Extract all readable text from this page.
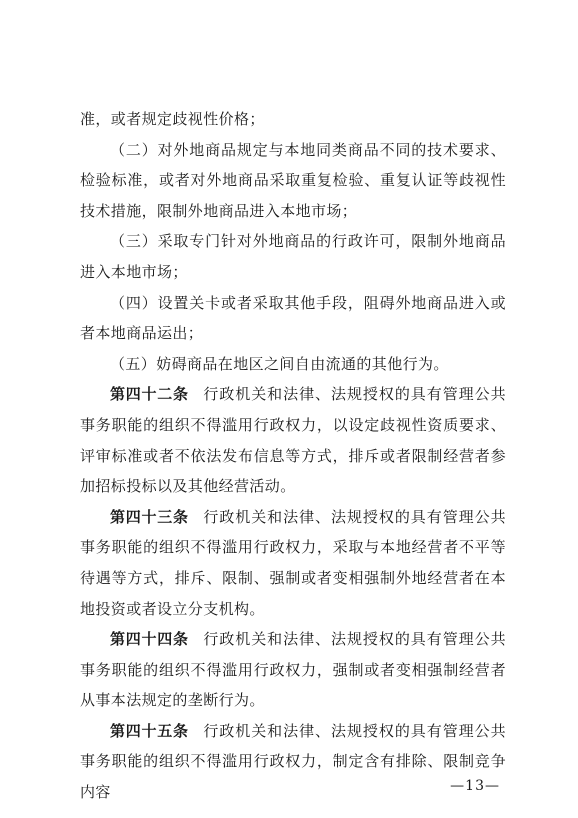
准，或者规定歧视性价格；

（二）对外地商品规定与本地同类商品不同的技术要求、检验标准，或者对外地商品采取重复检验、重复认证等歧视性技术措施，限制外地商品进入本地市场；

（三）采取专门针对外地商品的行政许可，限制外地商品进入本地市场；

（四）设置关卡或者采取其他手段，阻碍外地商品进入或者本地商品运出；

（五）妨碍商品在地区之间自由流通的其他行为。

第四十二条 行政机关和法律、法规授权的具有管理公共事务职能的组织不得滥用行政权力，以设定歧视性资质要求、评审标准或者不依法发布信息等方式，排斥或者限制经营者参加招标投标以及其他经营活动。

第四十三条 行政机关和法律、法规授权的具有管理公共事务职能的组织不得滥用行政权力，采取与本地经营者不平等待遇等方式，排斥、限制、强制或者变相强制外地经营者在本地投资或者设立分支机构。

第四十四条 行政机关和法律、法规授权的具有管理公共事务职能的组织不得滥用行政权力，强制或者变相强制经营者从事本法规定的垄断行为。

第四十五条 行政机关和法律、法规授权的具有管理公共事务职能的组织不得滥用行政权力，制定含有排除、限制竞争内容	—13—
